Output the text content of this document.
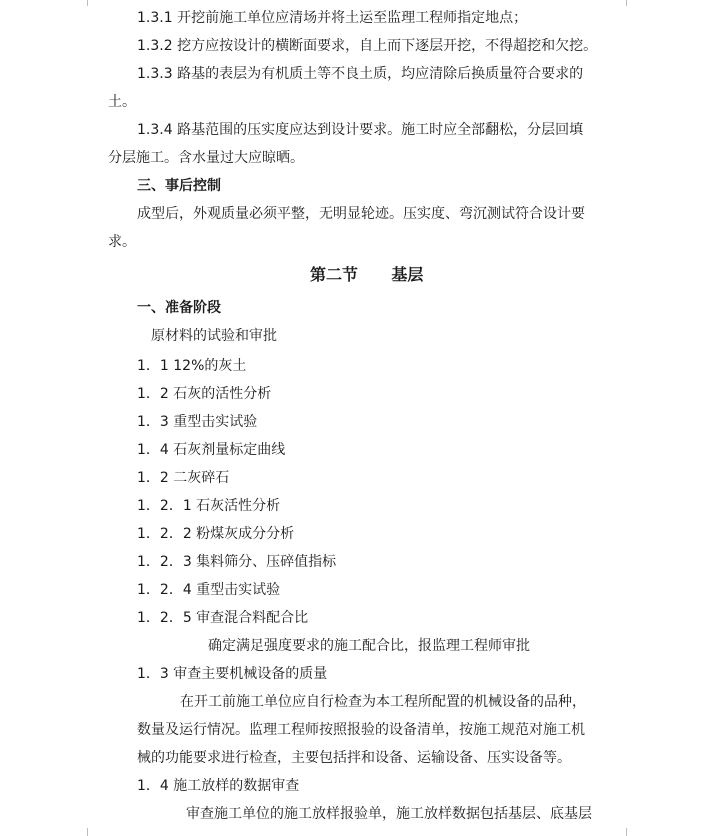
1.3.1 开挖前施工单位应清场并将土运至监理工程师指定地点；
1.3.2 挖方应按设计的横断面要求，自上而下逐层开挖，不得超挖和欠挖。
1.3.3 路基的表层为有机质土等不良土质，均应清除后换质量符合要求的
土。
1.3.4 路基范围的压实度应达到设计要求。施工时应全部翻松，分层回填
分层施工。含水量过大应晾晒。
三、事后控制
成型后，外观质量必须平整，无明显轮迹。压实度、弯沉测试符合设计要
求。
第二节      基层
一、准备阶段
原材料的试验和审批
1．1 12%的灰土
1．2 石灰的活性分析
1．3 重型击实试验
1．4 石灰剂量标定曲线
1．2 二灰碎石
1．2．1 石灰活性分析
1．2．2 粉煤灰成分分析
1．2．3 集料筛分、压碎值指标
1．2．4 重型击实试验
1．2．5 审查混合料配合比
确定满足强度要求的施工配合比，报监理工程师审批
1．3 审查主要机械设备的质量
在开工前施工单位应自行检查为本工程所配置的机械设备的品种，
数量及运行情况。监理工程师按照报验的设备清单，按施工规范对施工机
械的功能要求进行检查，主要包括拌和设备、运输设备、压实设备等。
1．4 施工放样的数据审查
审查施工单位的施工放样报验单，施工放样数据包括基层、底基层
